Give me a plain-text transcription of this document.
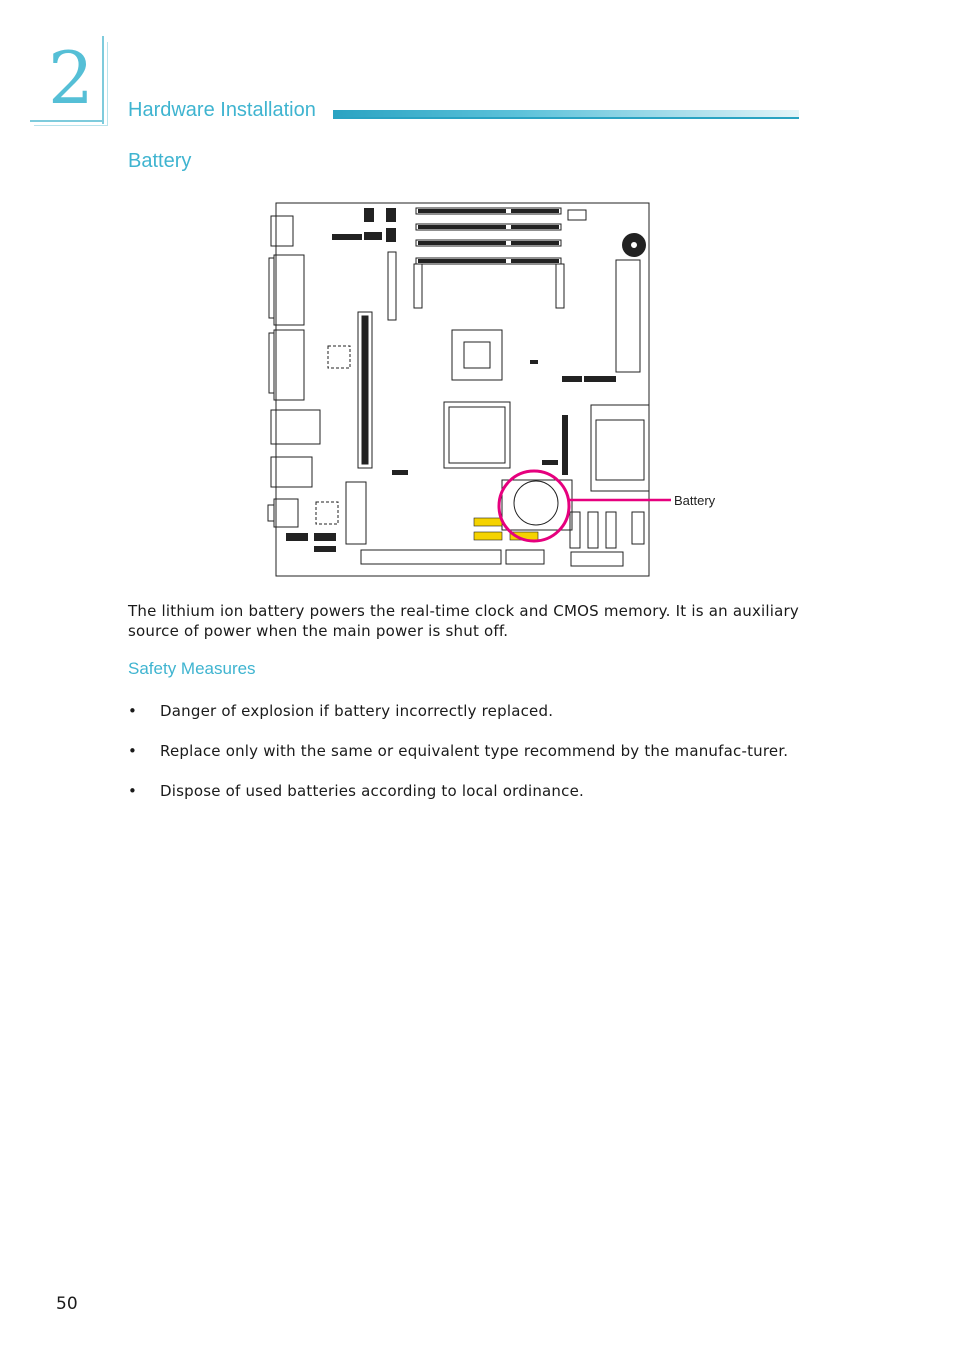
2 Hardware Installation
Battery
Battery

The lithium ion battery powers the real-time clock and CMOS memory. It is an auxiliary source of power when the main power is shut off.

Safety Measures
• Danger of explosion if battery incorrectly replaced.
• Replace only with the same or equivalent type recommend by the manufac-turer.
• Dispose of used batteries according to local ordinance.
50
